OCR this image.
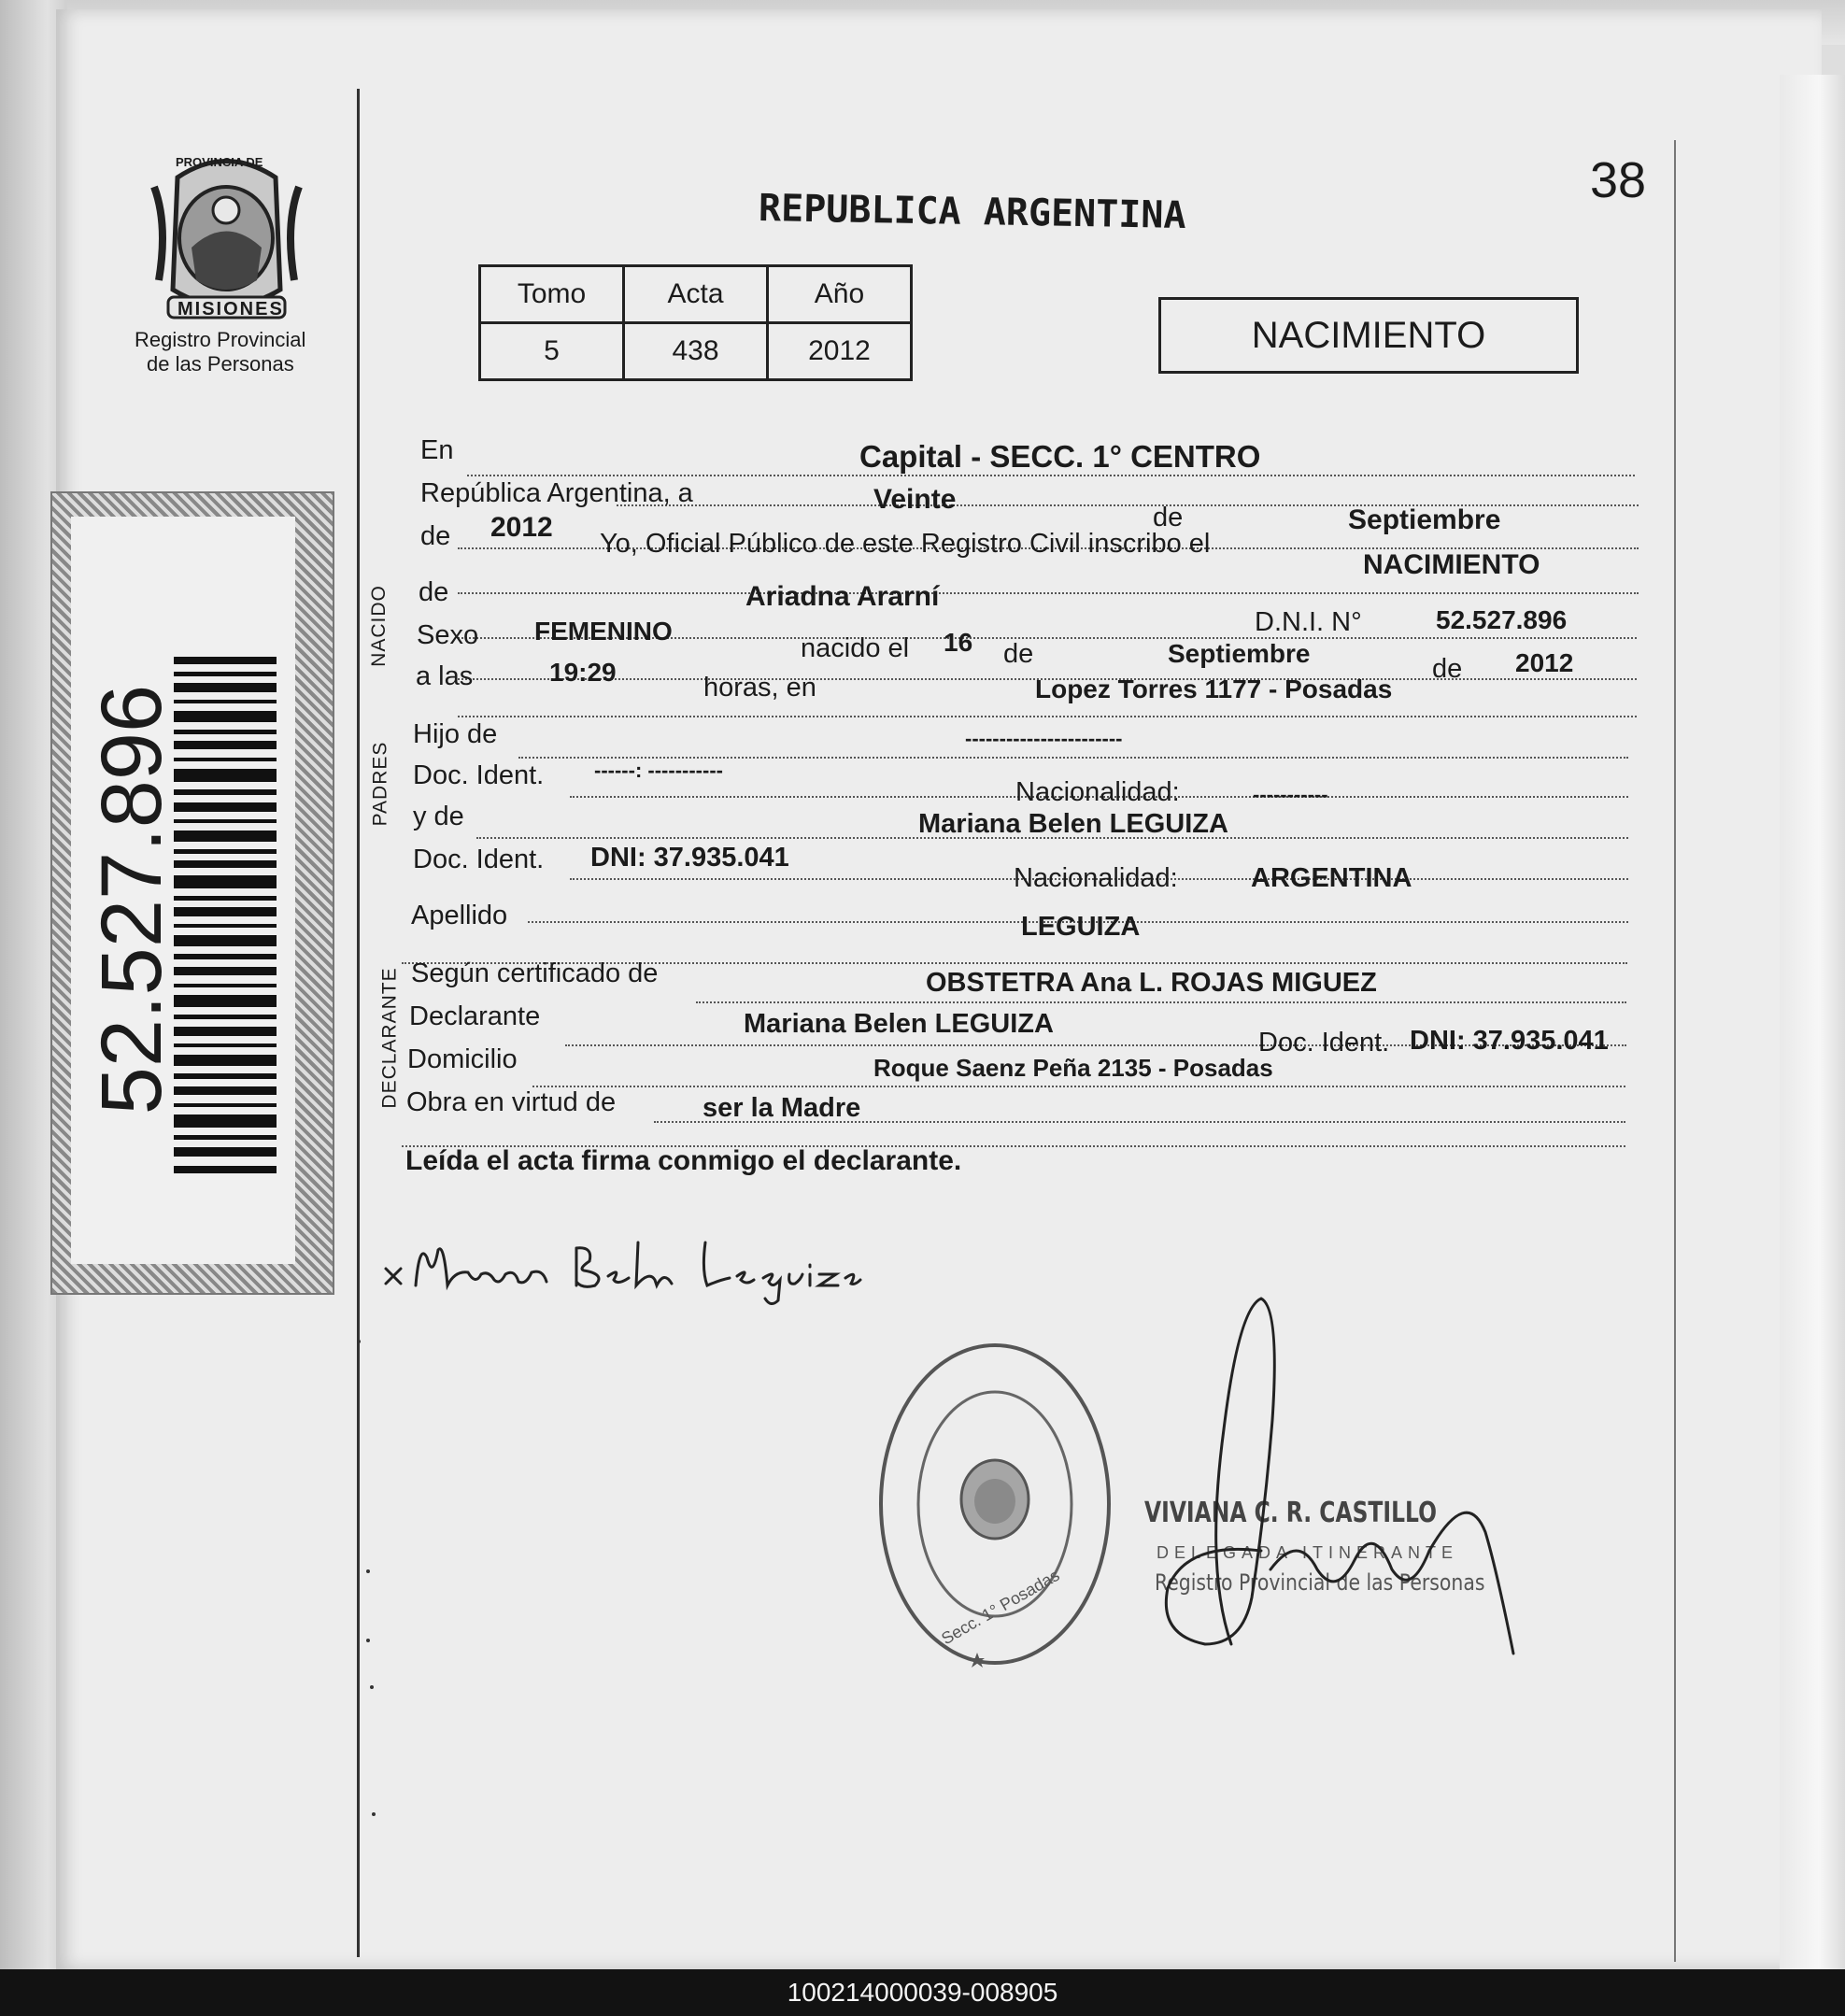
38
PROVINCIA DE
MISIONES
Registro Provincial
de las Personas
52.527.896
REPUBLICA ARGENTINA
Tomo	Acta	Año
5	438	2012	NACIMIENTO
NACIDO
PADRES
DECLARANTE
En	Capital - SECC. 1° CENTRO
República Argentina, a	Veinte
de	Septiembre
de 2012
Yo, Oficial Público de este Registro Civil inscribo el
NACIMIENTO
de	Ariadna Ararní
D.N.I. N°	52.527.896
Sexo FEMENINO
nacido el 16 de	Septiembre
de 2012
a las	19:29
horas, en	Lopez Torres 1177 - Posadas
Hijo de	-----------------------
Doc. Ident. ------: -----------
Nacionalidad:	-----------
y de	Mariana Belen LEGUIZA
Doc. Ident. DNI: 37.935.041
Nacionalidad:	ARGENTINA
Apellido	LEGUIZA
Según certificado de	OBSTETRA Ana L. ROJAS MIGUEZ
Declarante	Mariana Belen LEGUIZA
Doc. Ident. DNI: 37.935.041
Domicilio	Roque Saenz Peña 2135 - Posadas
Obra en virtud de	ser la Madre
Leída el acta firma conmigo el declarante.
Secc. 1° Posadas
VIVIANA C. R. CASTILLO
DELEGADA ITINERANTE
Registro Provincial de las Personas
100214000039-008905
